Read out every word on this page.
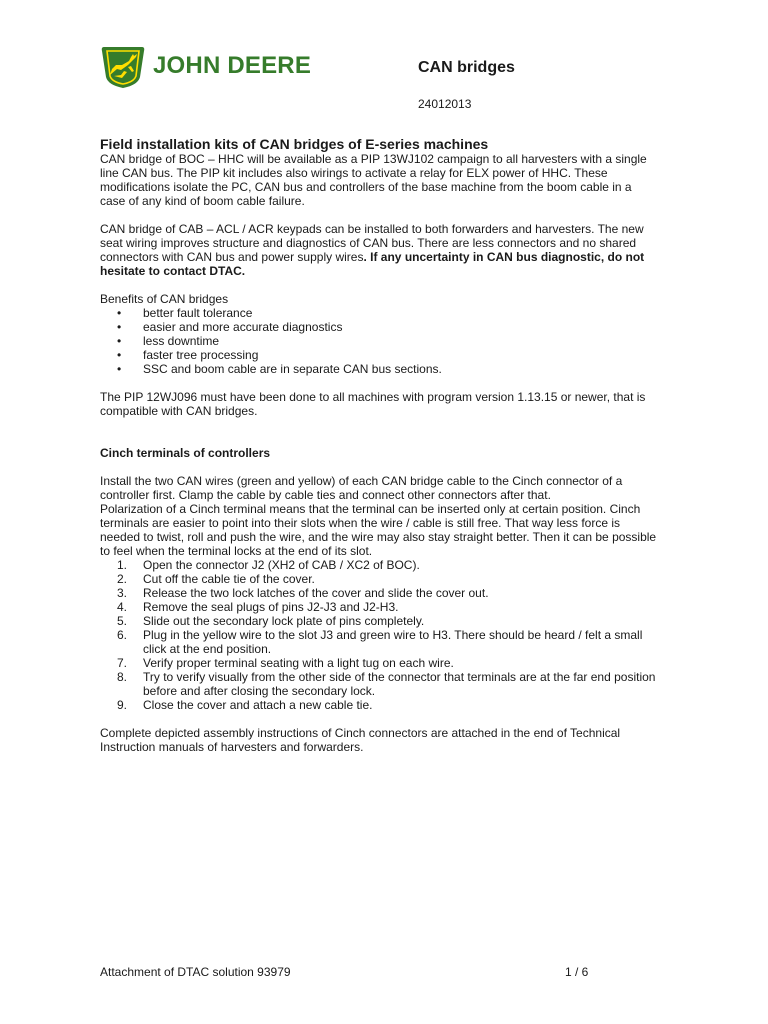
JOHN DEERE	CAN bridges
24012013

Field installation kits of CAN bridges of E-series machines

CAN bridge of BOC – HHC will be available as a PIP 13WJ102 campaign to all harvesters with a single line CAN bus. The PIP kit includes also wirings to activate a relay for ELX power of HHC. These modifications isolate the PC, CAN bus and controllers of the base machine from the boom cable in a case of any kind of boom cable failure.

CAN bridge of CAB – ACL / ACR keypads can be installed to both forwarders and harvesters. The new seat wiring improves structure and diagnostics of CAN bus. There are less connectors and no shared connectors with CAN bus and power supply wires. If any uncertainty in CAN bus diagnostic, do not hesitate to contact DTAC.

Benefits of CAN bridges

• better fault tolerance
• easier and more accurate diagnostics
• less downtime
• faster tree processing
• SSC and boom cable are in separate CAN bus sections.

The PIP 12WJ096 must have been done to all machines with program version 1.13.15 or newer, that is compatible with CAN bridges.

Cinch terminals of controllers

Install the two CAN wires (green and yellow) of each CAN bridge cable to the Cinch connector of a controller first. Clamp the cable by cable ties and connect other connectors after that.

Polarization of a Cinch terminal means that the terminal can be inserted only at certain position. Cinch terminals are easier to point into their slots when the wire / cable is still free. That way less force is needed to twist, roll and push the wire, and the wire may also stay straight better. Then it can be possible to feel when the terminal locks at the end of its slot.

1.	Open the connector J2 (XH2 of CAB / XC2 of BOC).
2.	Cut off the cable tie of the cover.
3.	Release the two lock latches of the cover and slide the cover out.
4.	Remove the seal plugs of pins J2-J3 and J2-H3.
5.	Slide out the secondary lock plate of pins completely.
6.	Plug in the yellow wire to the slot J3 and green wire to H3. There should be heard / felt a small click at the end position.
7.	Verify proper terminal seating with a light tug on each wire.
8.	Try to verify visually from the other side of the connector that terminals are at the far end position before and after closing the secondary lock.
9.	Close the cover and attach a new cable tie.

Complete depicted assembly instructions of Cinch connectors are attached in the end of Technical Instruction manuals of harvesters and forwarders.

Attachment of DTAC solution 93979	1 / 6
